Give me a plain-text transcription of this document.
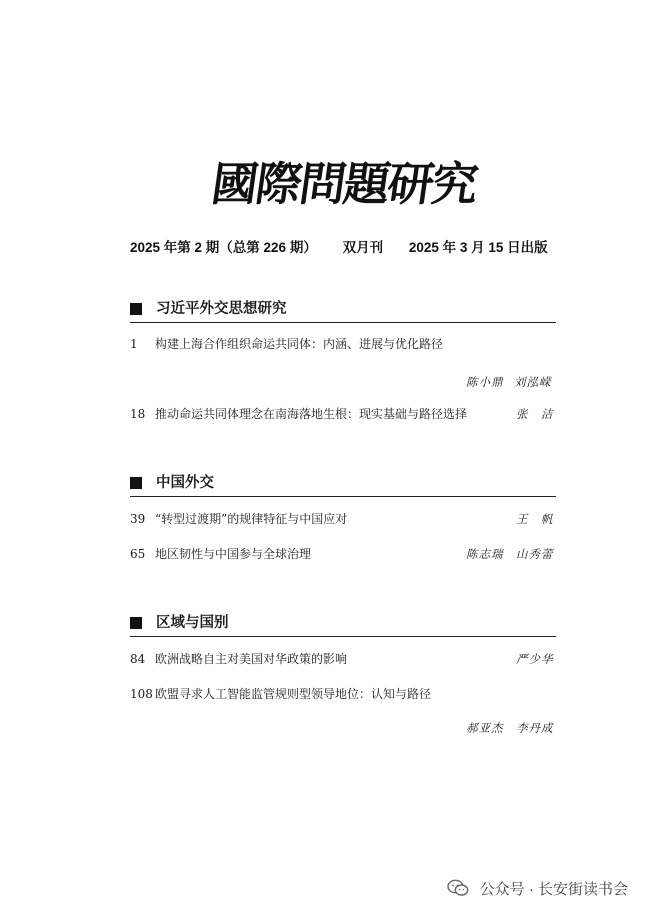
國際問題研究
2025 年第 2 期（总第 226 期） 双月刊 2025 年 3 月 15 日出版
习近平外交思想研究
1 构建上海合作组织命运共同体：内涵、进展与优化路径
陈小鼎 刘泓嵘
18 推动命运共同体理念在南海落地生根：现实基础与路径选择	张　洁
中国外交
39 “转型过渡期”的规律特征与中国应对	王　帆
65 地区韧性与中国参与全球治理	陈志瑞 山秀蕾
区域与国别
84 欧洲战略自主对美国对华政策的影响	严少华
108 欧盟寻求人工智能监管规则型领导地位：认知与路径
郝亚杰 李丹成
公众号 · 长安街读书会
